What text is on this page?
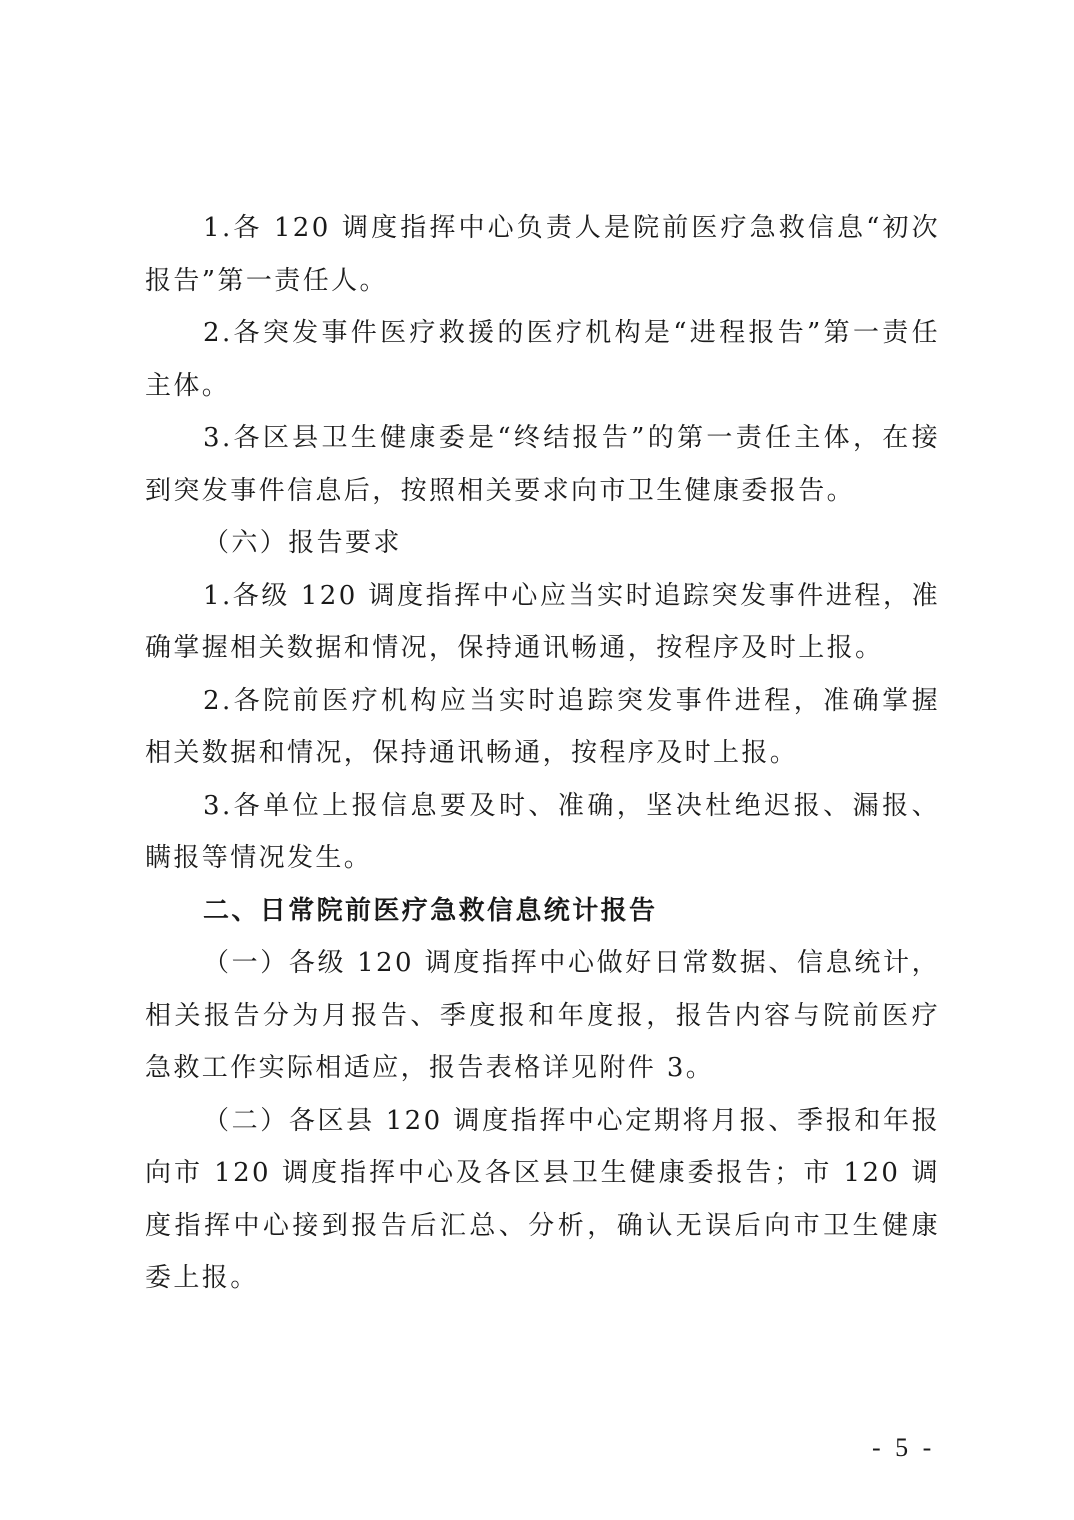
1.各 120 调度指挥中心负责人是院前医疗急救信息“初次报告”第一责任人。

2.各突发事件医疗救援的医疗机构是“进程报告”第一责任主体。

3.各区县卫生健康委是“终结报告”的第一责任主体，在接到突发事件信息后，按照相关要求向市卫生健康委报告。

（六）报告要求

1.各级 120 调度指挥中心应当实时追踪突发事件进程，准确掌握相关数据和情况，保持通讯畅通，按程序及时上报。

2.各院前医疗机构应当实时追踪突发事件进程，准确掌握相关数据和情况，保持通讯畅通，按程序及时上报。

3.各单位上报信息要及时、准确，坚决杜绝迟报、漏报、瞒报等情况发生。

二、日常院前医疗急救信息统计报告

（一）各级 120 调度指挥中心做好日常数据、信息统计，相关报告分为月报告、季度报和年度报，报告内容与院前医疗急救工作实际相适应，报告表格详见附件 3。

（二）各区县 120 调度指挥中心定期将月报、季报和年报向市 120 调度指挥中心及各区县卫生健康委报告；市 120 调度指挥中心接到报告后汇总、分析，确认无误后向市卫生健康委上报。

- 5 -
